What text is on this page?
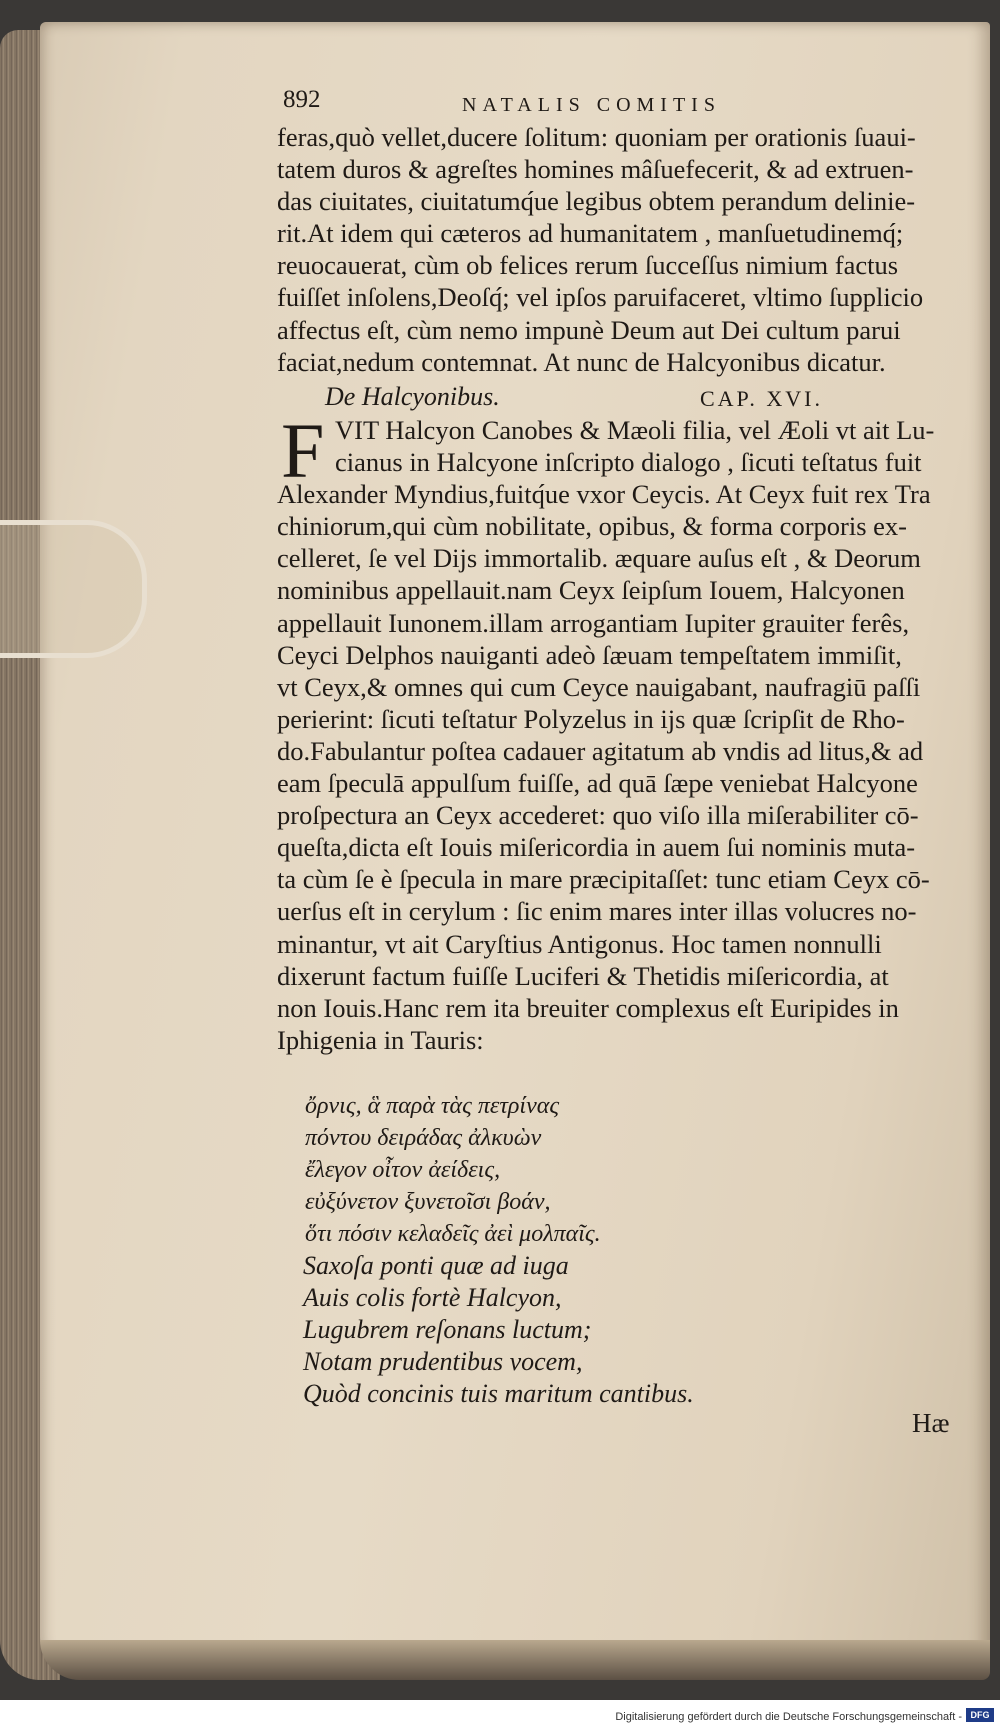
892	NATALIS COMITIS
feras,quò vellet,ducere ſolitum: quoniam per orationis ſuaui-
tatem duros & agreſtes homines mâſuefecerit, & ad extruen-
das ciuitates, ciuitatumq́ue legibus obtem perandum delinie-
rit.At idem qui cæteros ad humanitatem , manſuetudinemq́;
reuocauerat, cùm ob felices rerum ſucceſſus nimium factus
fuiſſet inſolens,Deoſq́; vel ipſos paruifaceret, vltimo ſupplicio
affectus eſt, cùm nemo impunè Deum aut Dei cultum parui
faciat,nedum contemnat. At nunc de Halcyonibus dicatur.
De Halcyonibus.	CAP. XVI.
F VIT Halcyon Canobes & Mæoli filia, vel Æoli vt ait Lu-
cianus in Halcyone inſcripto dialogo , ſicuti teſtatus fuit
Alexander Myndius,fuitq́ue vxor Ceycis. At Ceyx fuit rex Tra
chiniorum,qui cùm nobilitate, opibus, & forma corporis ex-
celleret, ſe vel Dijs immortalib. æquare auſus eſt , & Deorum
nominibus appellauit.nam Ceyx ſeipſum Iouem, Halcyonen
appellauit Iunonem.illam arrogantiam Iupiter grauiter ferês,
Ceyci Delphos nauiganti adeò ſæuam tempeſtatem immiſit,
vt Ceyx,& omnes qui cum Ceyce nauigabant, naufragiū paſſi
perierint: ſicuti teſtatur Polyzelus in ijs quæ ſcripſit de Rho-
do.Fabulantur poſtea cadauer agitatum ab vndis ad litus,& ad
eam ſpeculā appulſum fuiſſe, ad quā ſæpe veniebat Halcyone
proſpectura an Ceyx accederet: quo viſo illa miſerabiliter cō-
queſta,dicta eſt Iouis miſericordia in auem ſui nominis muta-
ta cùm ſe è ſpecula in mare præcipitaſſet: tunc etiam Ceyx cō-
uerſus eſt in cerylum : ſic enim mares inter illas volucres no-
minantur, vt ait Caryſtius Antigonus. Hoc tamen nonnulli
dixerunt factum fuiſſe Luciferi & Thetidis miſericordia, at
non Iouis.Hanc rem ita breuiter complexus eſt Euripides in
Iphigenia in Tauris:
ὄρνις, ἃ παρὰ τὰς πετρίνας
πόντου δειράδας ἀλκυὼν
ἔλεγον οἶτον ἀείδεις,
εὐξύνετον ξυνετοῖσι βοάν,
ὅτι πόσιν κελαδεῖς ἀεὶ μολπαῖς.
Saxoſa ponti quæ ad iuga
Auis colis fortè Halcyon,
Lugubrem reſonans luctum;
Notam prudentibus vocem,
Quòd concinis tuis maritum cantibus.
Hæ
Digitalisierung gefördert durch die Deutsche Forschungsgemeinschaft - DFG
